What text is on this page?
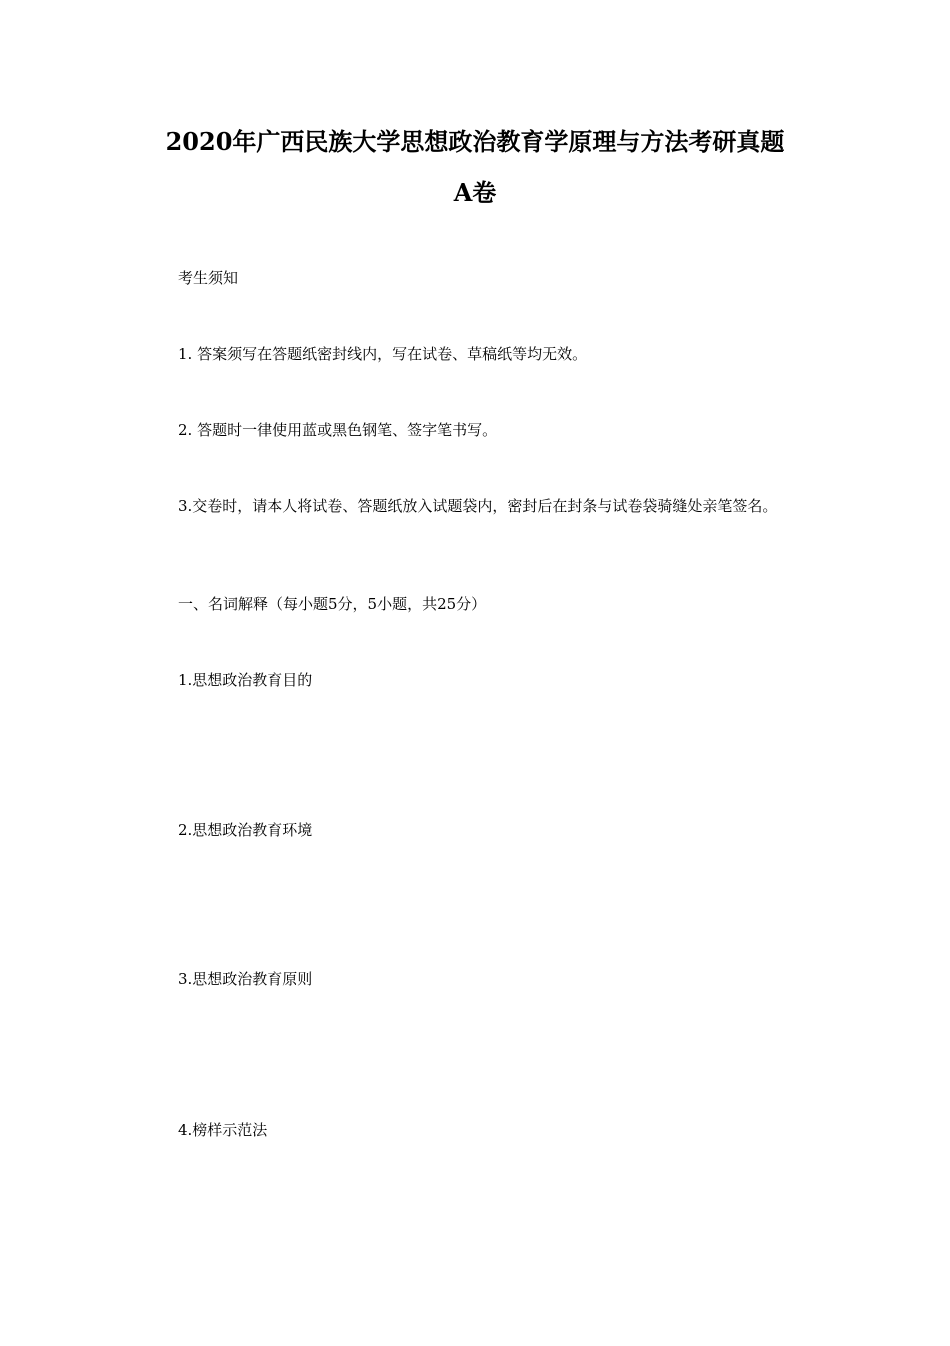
2020年广西民族大学思想政治教育学原理与方法考研真题
A卷
考生须知
1. 答案须写在答题纸密封线内，写在试卷、草稿纸等均无效。
2. 答题时一律使用蓝或黑色钢笔、签字笔书写。
3.交卷时，请本人将试卷、答题纸放入试题袋内，密封后在封条与试卷袋骑缝处亲笔签名。
一、名词解释（每小题5分，5小题，共25分）
1.思想政治教育目的
2.思想政治教育环境
3.思想政治教育原则
4.榜样示范法
